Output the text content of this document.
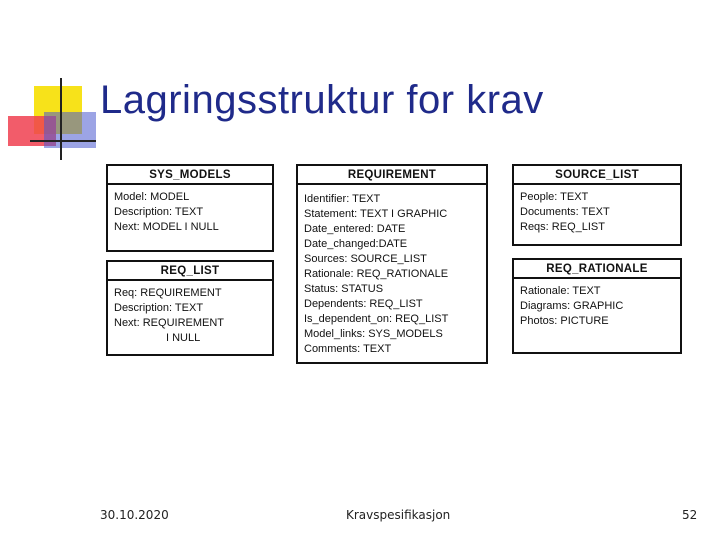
Lagringsstruktur for krav
SYS_MODELS
Model: MODEL
Description: TEXT
Next: MODEL I NULL
REQ_LIST
Req: REQUIREMENT
Description: TEXT
Next: REQUIREMENT
I NULL
REQUIREMENT
Identifier: TEXT
Statement: TEXT I GRAPHIC
Date_entered: DATE
Date_changed:DATE
Sources: SOURCE_LIST
Rationale: REQ_RATIONALE
Status: STATUS
Dependents: REQ_LIST
Is_dependent_on: REQ_LIST
Model_links: SYS_MODELS
Comments: TEXT
SOURCE_LIST
People: TEXT
Documents: TEXT
Reqs: REQ_LIST
REQ_RATIONALE
Rationale: TEXT
Diagrams: GRAPHIC
Photos: PICTURE
30.10.2020	Kravspesifikasjon	52
